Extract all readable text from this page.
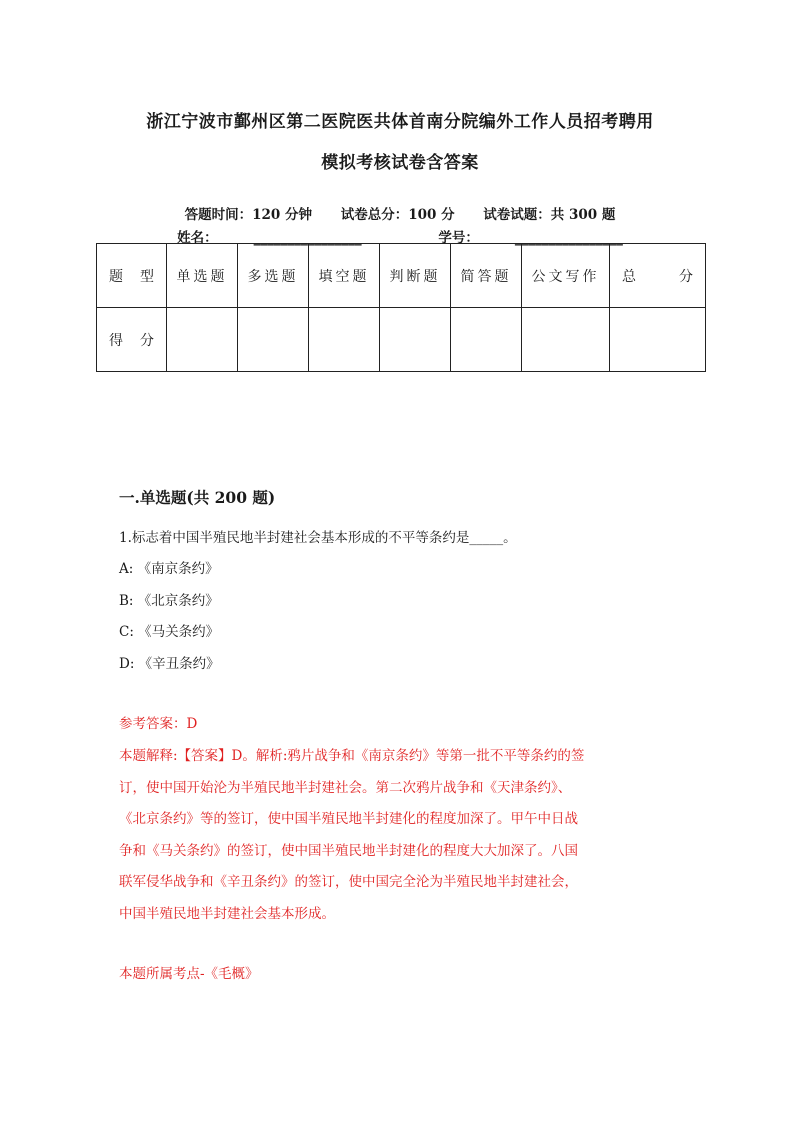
浙江宁波市鄞州区第二医院医共体首南分院编外工作人员招考聘用
模拟考核试卷含答案
答题时间：120 分钟 试卷总分：100 分 试卷试题：共 300 题
姓名：	________________	学号：	________________
题 型	单选题	多选题	填空题	判断题	简答题	公文写作	总 分

得 分							

一.单选题(共 200 题)
1.标志着中国半殖民地半封建社会基本形成的不平等条约是_____。
A: 《南京条约》
B: 《北京条约》
C: 《马关条约》
D: 《辛丑条约》
参考答案：D
本题解释:【答案】D。解析:鸦片战争和《南京条约》等第一批不平等条约的签
订，使中国开始沦为半殖民地半封建社会。第二次鸦片战争和《天津条约》、
《北京条约》等的签订，使中国半殖民地半封建化的程度加深了。甲午中日战
争和《马关条约》的签订，使中国半殖民地半封建化的程度大大加深了。八国
联军侵华战争和《辛丑条约》的签订，使中国完全沦为半殖民地半封建社会，
中国半殖民地半封建社会基本形成。
本题所属考点-《毛概》
